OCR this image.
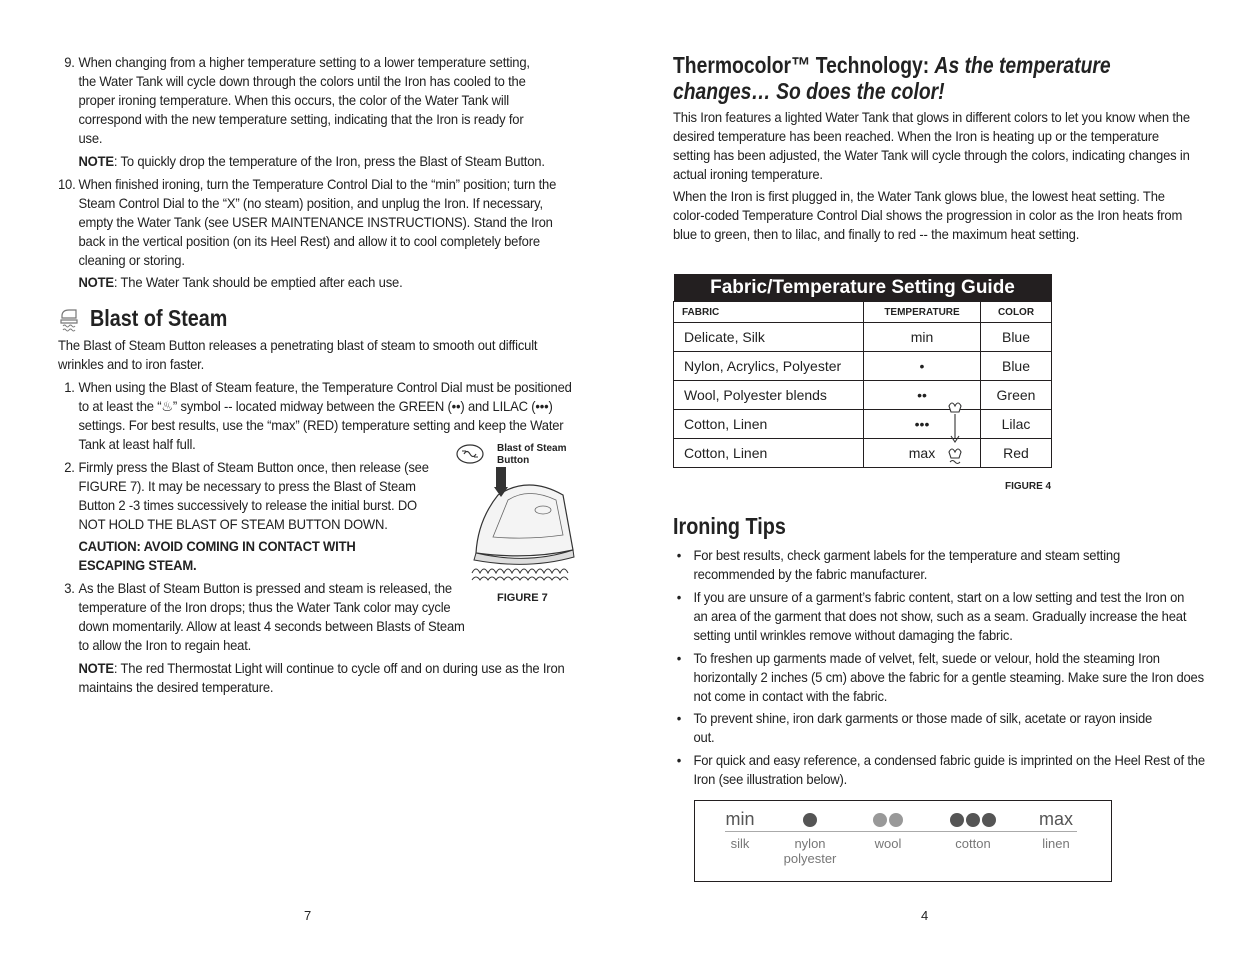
9. When changing from a higher temperature setting to a lower temperature setting, the Water Tank will cycle down through the colors until the Iron has cooled to the proper ironing temperature. When this occurs, the color of the Water Tank will correspond with the new temperature setting, indicating that the Iron is ready for use.

NOTE: To quickly drop the temperature of the Iron, press the Blast of Steam Button.
10. When finished ironing, turn the Temperature Control Dial to the “min” position; turn the Steam Control Dial to the “X” (no steam) position, and unplug the Iron. If necessary, empty the Water Tank (see USER MAINTENANCE INSTRUCTIONS). Stand the Iron back in the vertical position (on its Heel Rest) and allow it to cool completely before cleaning or storing.

NOTE: The Water Tank should be emptied after each use.
Blast of Steam

The Blast of Steam Button releases a penetrating blast of steam to smooth out difficult wrinkles and to iron faster.

1. When using the Blast of Steam feature, the Temperature Control Dial must be positioned to at least the “♨” symbol -- located midway between the GREEN (••) and LILAC (•••) settings. For best results, use the “max” (RED) temperature setting and keep the Water Tank at least half full.

2. Firmly press the Blast of Steam Button once, then release (see FIGURE 7). It may be necessary to press the Blast of Steam Button 2 -3 times successively to release the initial burst. DO NOT HOLD THE BLAST OF STEAM BUTTON DOWN.

CAUTION: AVOID COMING IN CONTACT WITH ESCAPING STEAM.
3. As the Blast of Steam Button is pressed and steam is released, the temperature of the Iron drops; thus the Water Tank color may cycle down momentarily. Allow at least 4 seconds between Blasts of Steam to allow the Iron to regain heat.

NOTE: The red Thermostat Light will continue to cycle off and on during use as the Iron maintains the desired temperature.
Blast of Steam Button
FIGURE 7
7
Thermocolor™ Technology: As the temperature changes… So does the color!

This Iron features a lighted Water Tank that glows in different colors to let you know when the desired temperature has been reached. When the Iron is heating up or the temperature setting has been adjusted, the Water Tank will cycle through the colors, indicating changes in actual ironing temperature.

When the Iron is first plugged in, the Water Tank glows blue, the lowest heat setting. The color-coded Temperature Control Dial shows the progression in color as the Iron heats from blue to green, then to lilac, and finally to red -- the maximum heat setting.

Fabric/Temperature Setting Guide		
FABRIC	TEMPERATURE	COLOR
Delicate, Silk	min	Blue
Nylon, Acrylics, Polyester	•	Blue
Wool, Polyester blends	••	Green
Cotton, Linen	•••	Lilac
Cotton, Linen	max	Red
FIGURE 4
Ironing Tips
• For best results, check garment labels for the temperature and steam setting recommended by the fabric manufacturer.

• If you are unsure of a garment’s fabric content, start on a low setting and test the Iron on an area of the garment that does not show, such as a seam. Gradually increase the heat setting until wrinkles remove without damaging the fabric.

• To freshen up garments made of velvet, felt, suede or velour, hold the steaming Iron horizontally 2 inches (5 cm) above the fabric for a gentle steaming. Make sure the Iron does not come in contact with the fabric.

• To prevent shine, iron dark garments or those made of silk, acetate or rayon inside out.

• For quick and easy reference, a condensed fabric guide is imprinted on the Heel Rest of the Iron (see illustration below).

min	max
silk	nylon polyester
wool	cotton	linen
4
